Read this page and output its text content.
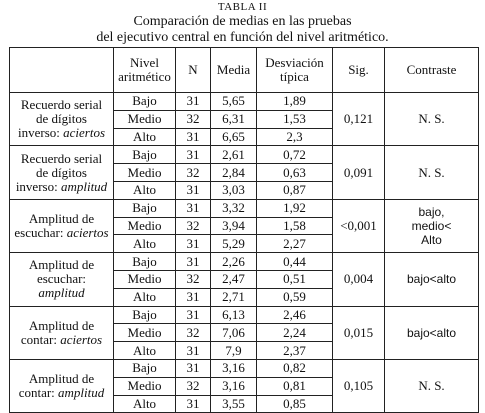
TABLA II
Comparación de medias en las pruebas
del ejecutivo central en función del nivel aritmético.
	Nivel
aritmético	N	Media	Desviación
típica	Sig.	Contraste
Recuerdo serial
de dígitos
inverso: aciertos	Bajo	31	5,65	1,89	0,121	N. S.
	Medio	32	6,31	1,53		
	Alto	31	6,65	2,3		
Recuerdo serial
de dígitos
inverso: amplitud	Bajo	31	2,61	0,72	0,091	N. S.
	Medio	32	2,84	0,63		
	Alto	31	3,03	0,87		
Amplitud de
escuchar: aciertos	Bajo	31	3,32	1,92	<0,001	bajo,
medio<
Alto
	Medio	32	3,94	1,58		
	Alto	31	5,29	2,27		
Amplitud de
escuchar:
amplitud	Bajo	31	2,26	0,44	0,004	bajo<alto
	Medio	32	2,47	0,51		
	Alto	31	2,71	0,59		
Amplitud de
contar: aciertos	Bajo	31	6,13	2,46	0,015	bajo<alto
	Medio	32	7,06	2,24		
	Alto	31	7,9	2,37		
Amplitud de
contar: amplitud	Bajo	31	3,16	0,82	0,105	N. S.
	Medio	32	3,16	0,81		
	Alto	31	3,55	0,85		
